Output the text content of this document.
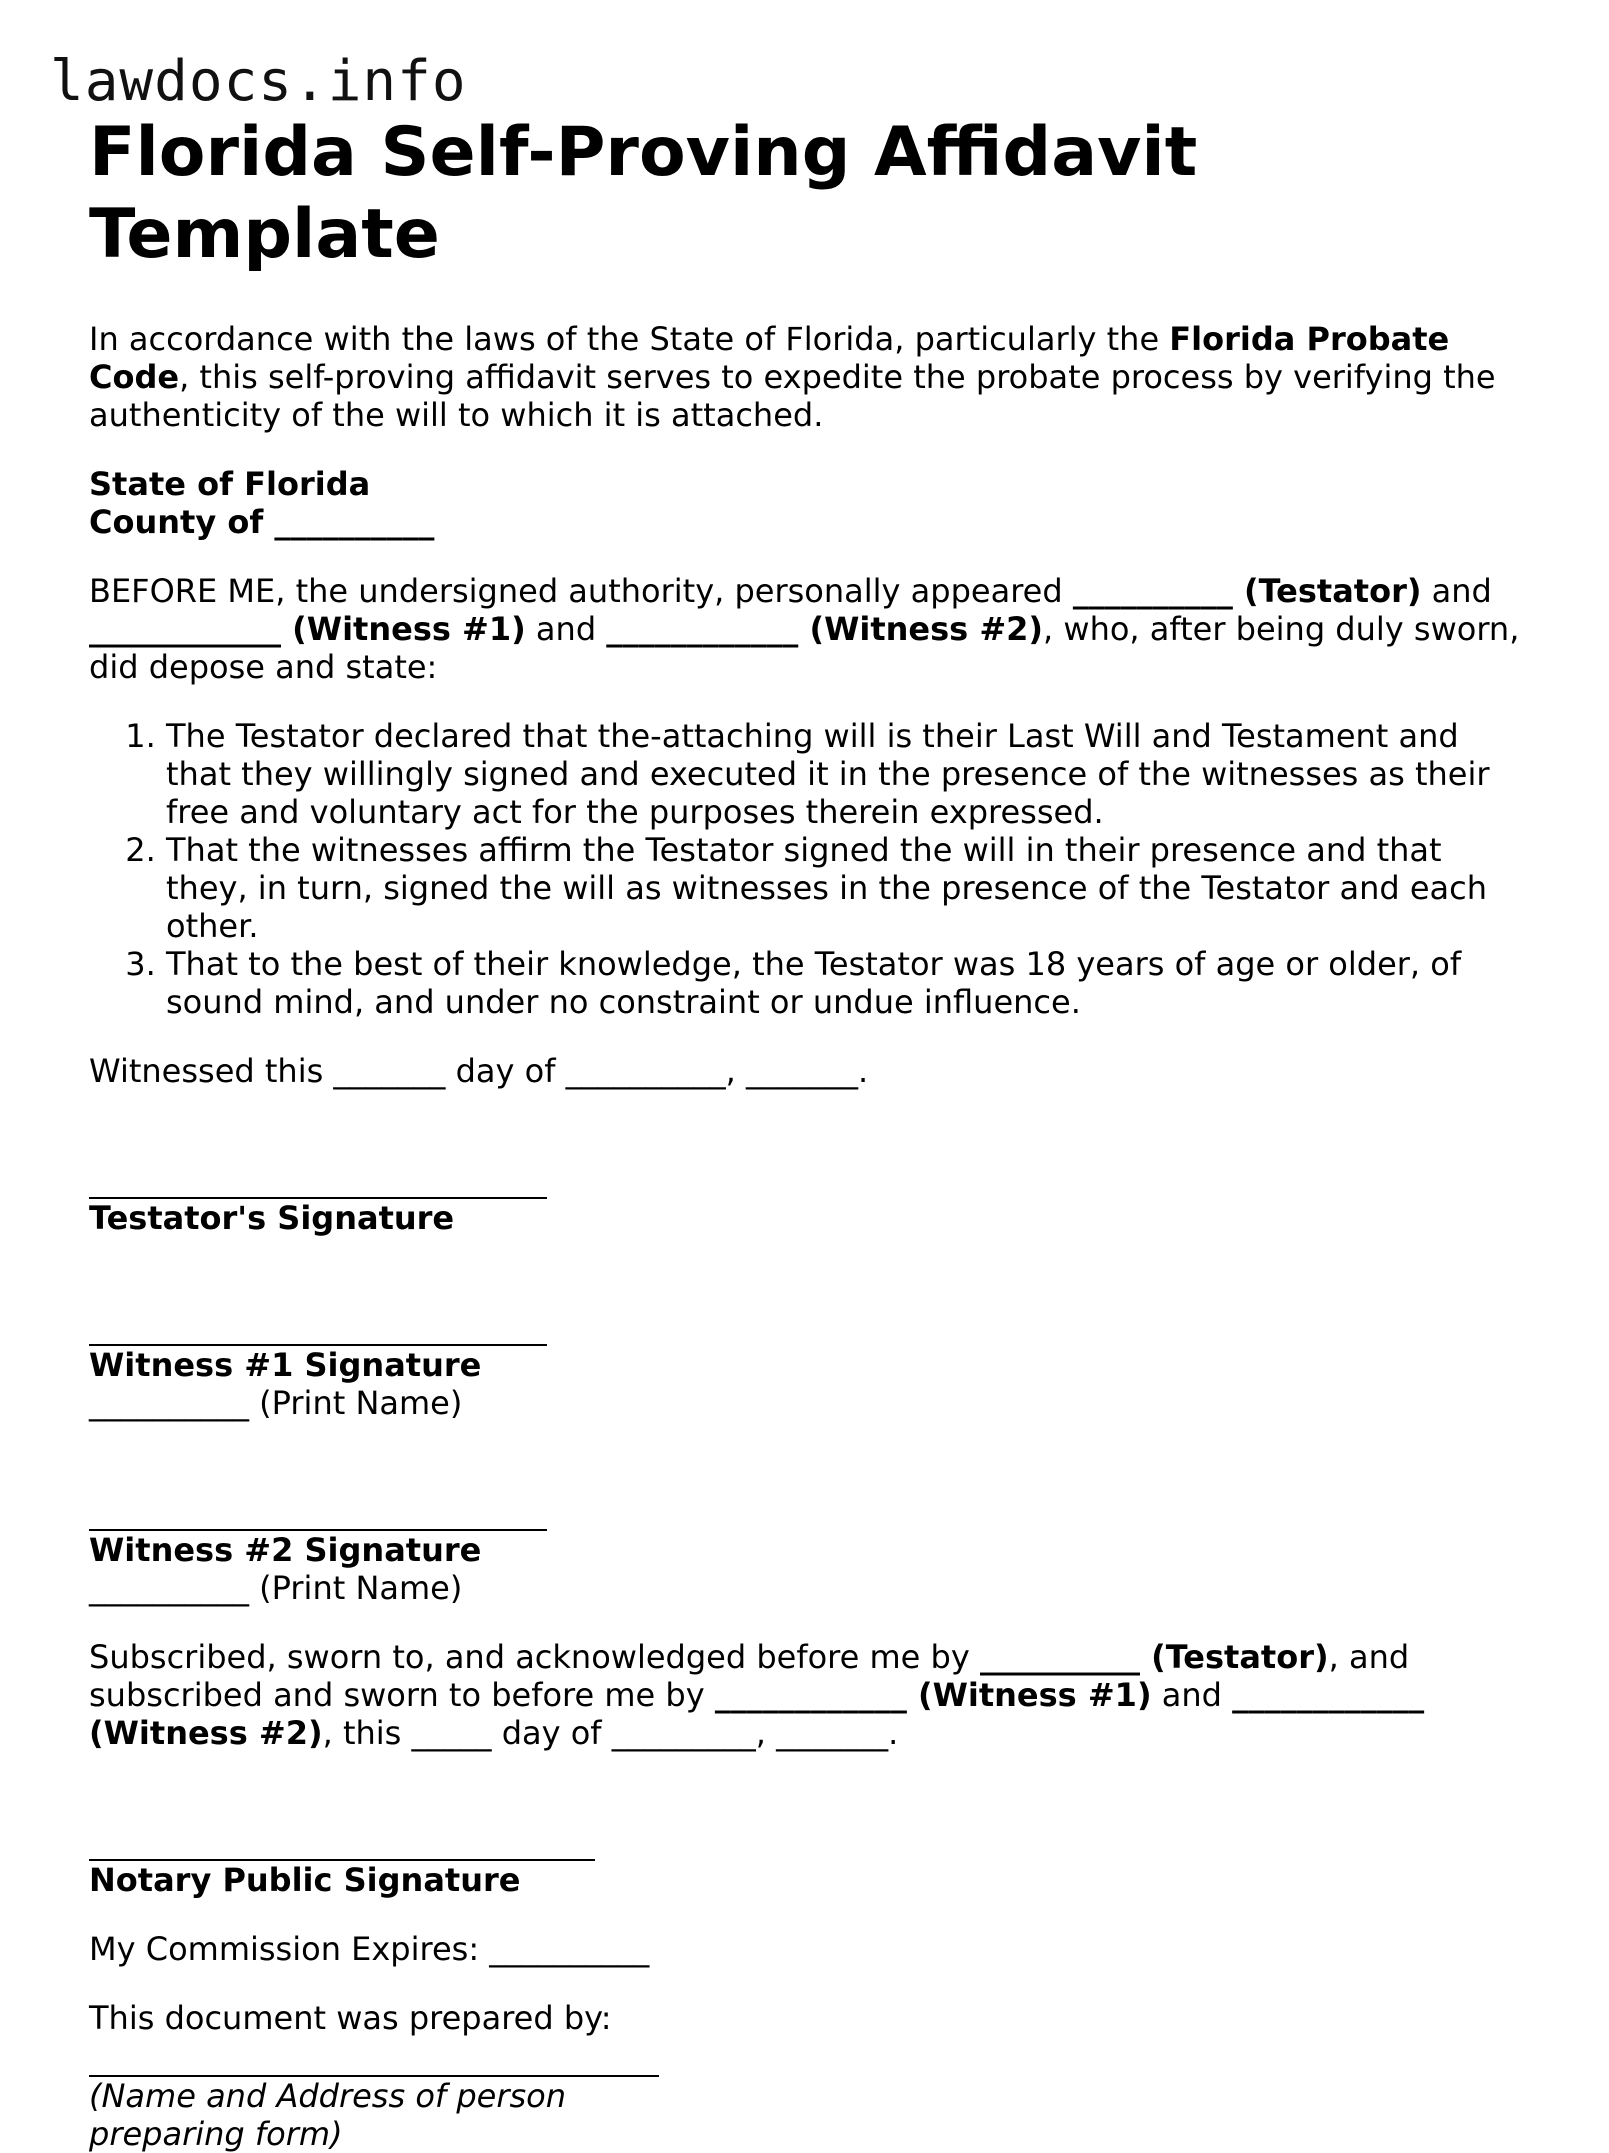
lawdocs.info
Florida Self-Proving Affidavit Template

In accordance with the laws of the State of Florida, particularly the Florida Probate Code, this self-proving affidavit serves to expedite the probate process by verifying the authenticity of the will to which it is attached.

State of Florida
County of __________

BEFORE ME, the undersigned authority, personally appeared __________ (Testator) and ____________ (Witness #1) and ____________ (Witness #2), who, after being duly sworn, did depose and state:

1. The Testator declared that the-attaching will is their Last Will and Testament and that they willingly signed and executed it in the presence of the witnesses as their free and voluntary act for the purposes therein expressed.
2. That the witnesses affirm the Testator signed the will in their presence and that they, in turn, signed the will as witnesses in the presence of the Testator and each other.
3. That to the best of their knowledge, the Testator was 18 years of age or older, of sound mind, and under no constraint or undue influence.

Witnessed this _______ day of __________, _______.

Testator's Signature
Witness #1 Signature
__________ (Print Name)
Witness #2 Signature
__________ (Print Name)

Subscribed, sworn to, and acknowledged before me by __________ (Testator), and subscribed and sworn to before me by ____________ (Witness #1) and ____________ (Witness #2), this _____ day of _________, _______.

Notary Public Signature

My Commission Expires: __________

This document was prepared by:

(Name and Address of person preparing form)
